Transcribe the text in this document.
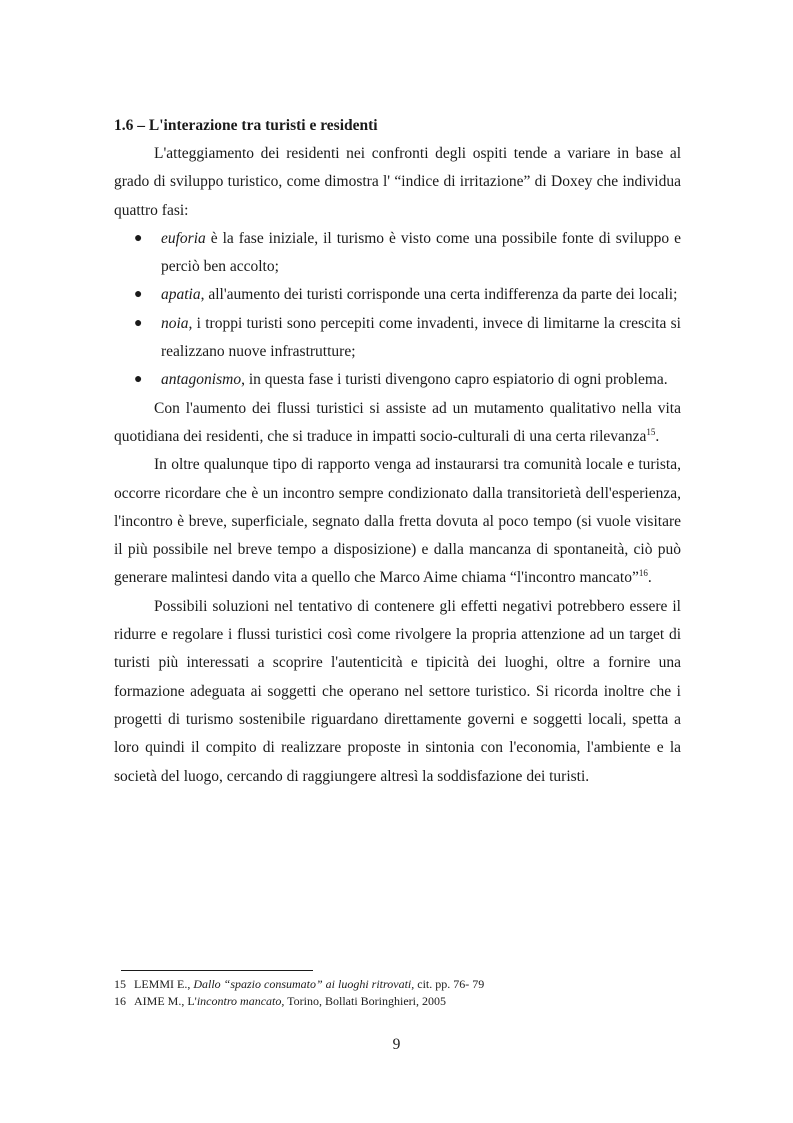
1.6 – L'interazione tra turisti e residenti

L'atteggiamento dei residenti nei confronti degli ospiti tende a variare in base al grado di sviluppo turistico, come dimostra l' “indice di irritazione” di Doxey che individua quattro fasi:

● euforia è la fase iniziale, il turismo è visto come una possibile fonte di sviluppo e perciò ben accolto;
● apatia, all'aumento dei turisti corrisponde una certa indifferenza da parte dei locali;
● noia, i troppi turisti sono percepiti come invadenti, invece di limitarne la crescita si realizzano nuove infrastrutture;
● antagonismo, in questa fase i turisti divengono capro espiatorio di ogni problema.

Con l'aumento dei flussi turistici si assiste ad un mutamento qualitativo nella vita quotidiana dei residenti, che si traduce in impatti socio-culturali di una certa rilevanza$^{15}$.

In oltre qualunque tipo di rapporto venga ad instaurarsi tra comunità locale e turista, occorre ricordare che è un incontro sempre condizionato dalla transitorietà dell'esperienza, l'incontro è breve, superficiale, segnato dalla fretta dovuta al poco tempo (si vuole visitare il più possibile nel breve tempo a disposizione) e dalla mancanza di spontaneità, ciò può generare malintesi dando vita a quello che Marco Aime chiama “l'incontro mancato”$^{16}$.

Possibili soluzioni nel tentativo di contenere gli effetti negativi potrebbero essere il ridurre e regolare i flussi turistici così come rivolgere la propria attenzione ad un target di turisti più interessati a scoprire l'autenticità e tipicità dei luoghi, oltre a fornire una formazione adeguata ai soggetti che operano nel settore turistico. Si ricorda inoltre che i progetti di turismo sostenibile riguardano direttamente governi e soggetti locali, spetta a loro quindi il compito di realizzare proposte in sintonia con l'economia, l'ambiente e la società del luogo, cercando di raggiungere altresì la soddisfazione dei turisti.

15 LEMMI E., Dallo “spazio consumato” ai luoghi ritrovati, cit. pp. 76- 79
16 AIME M., L'incontro mancato, Torino, Bollati Boringhieri, 2005
9
